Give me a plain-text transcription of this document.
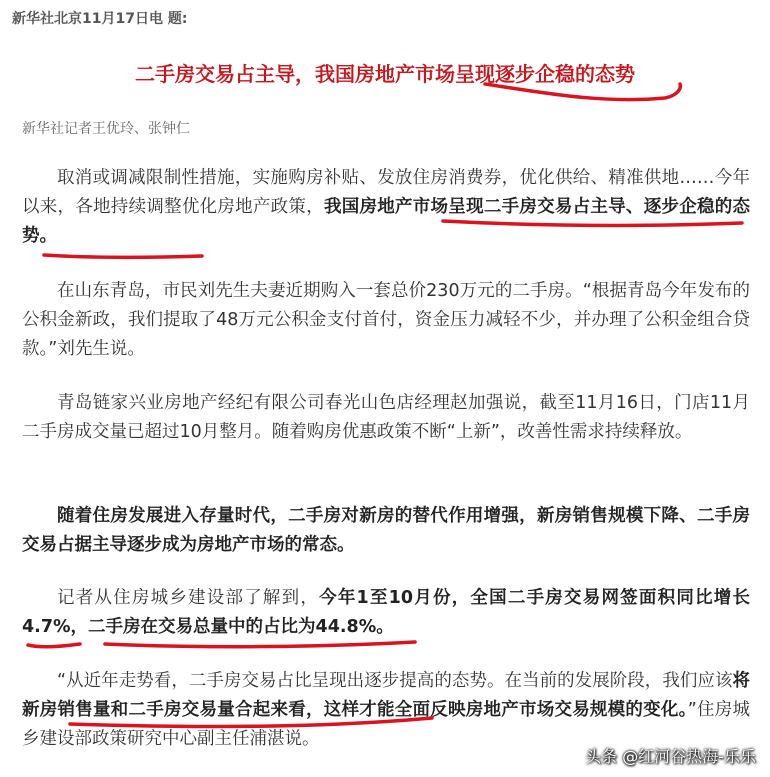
新华社北京11月17日电 题:
二手房交易占主导，我国房地产市场呈现逐步企稳的态势
新华社记者王优玲、张钟仁

取消或调减限制性措施，实施购房补贴、发放住房消费券，优化供给、精准供地……今年以来，各地持续调整优化房地产政策，我国房地产市场呈现二手房交易占主导、逐步企稳的态势。

在山东青岛，市民刘先生夫妻近期购入一套总价230万元的二手房。“根据青岛今年发布的公积金新政，我们提取了48万元公积金支付首付，资金压力减轻不少，并办理了公积金组合贷款。”刘先生说。

青岛链家兴业房地产经纪有限公司春光山色店经理赵加强说，截至11月16日，门店11月二手房成交量已超过10月整月。随着购房优惠政策不断“上新”，改善性需求持续释放。

随着住房发展进入存量时代，二手房对新房的替代作用增强，新房销售规模下降、二手房交易占据主导逐步成为房地产市场的常态。

记者从住房城乡建设部了解到，今年1至10月份，全国二手房交易网签面积同比增长4.7%，二手房在交易总量中的占比为44.8%。

“从近年走势看，二手房交易占比呈现出逐步提高的态势。在当前的发展阶段，我们应该将新房销售量和二手房交易量合起来看，这样才能全面反映房地产市场交易规模的变化。”住房城乡建设部政策研究中心副主任浦湛说。

头条 @红河谷热海-乐乐
